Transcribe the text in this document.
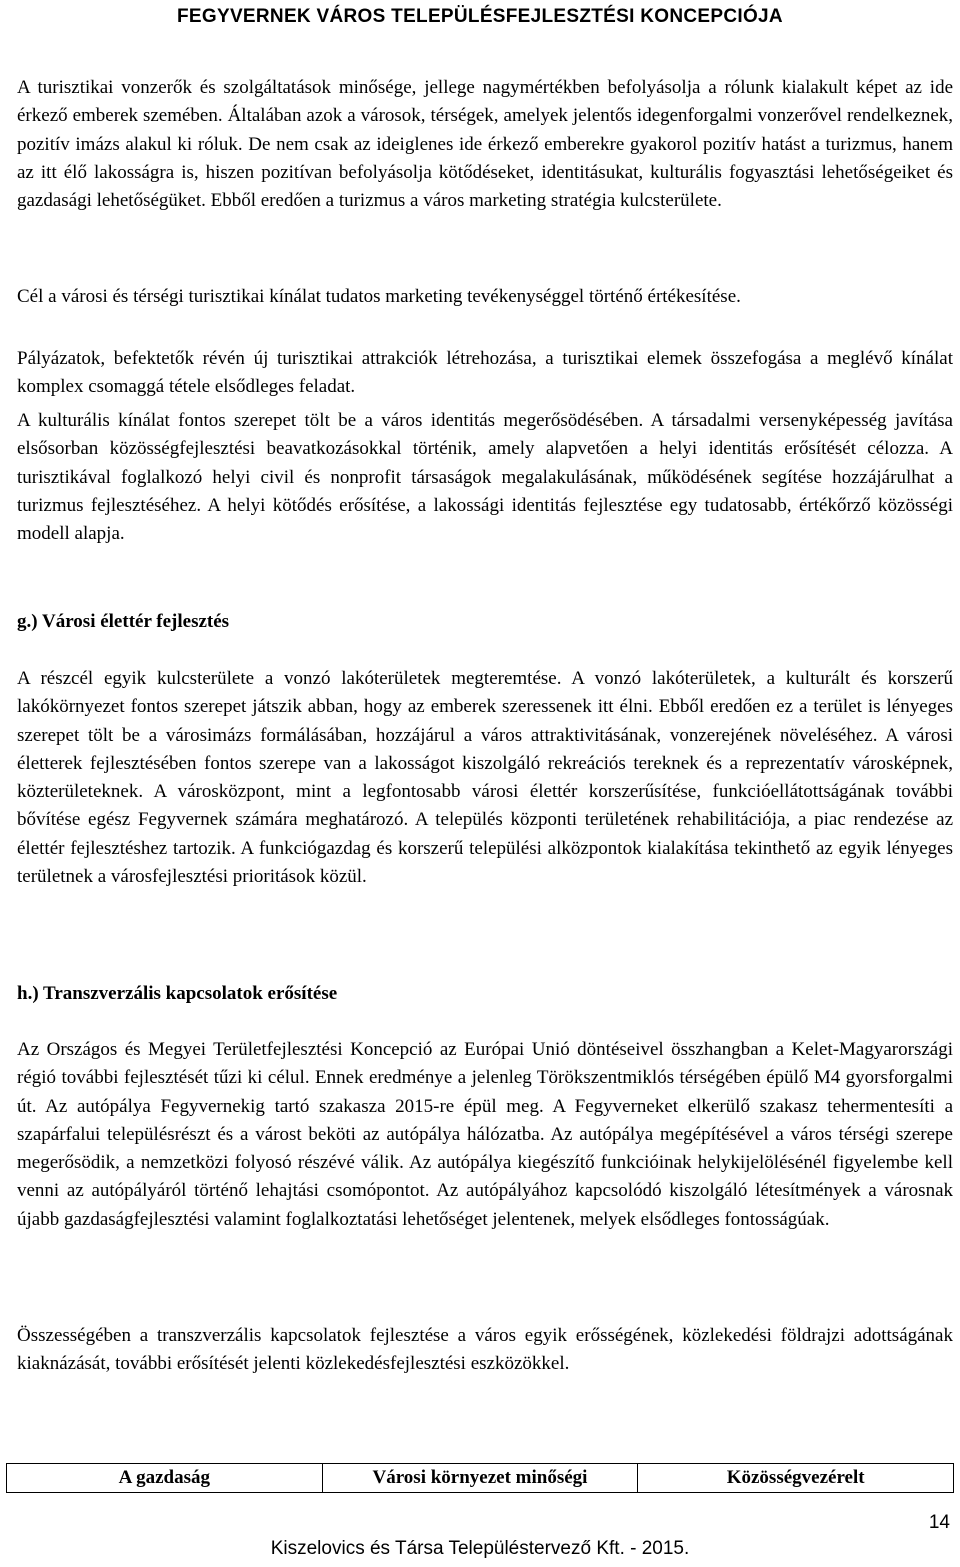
FEGYVERNEK VÁROS TELEPÜLÉSFEJLESZTÉSI KONCEPCIÓJA

A turisztikai vonzerők és szolgáltatások minősége, jellege nagymértékben befolyásolja a rólunk kialakult képet az ide érkező emberek szemében. Általában azok a városok, térségek, amelyek jelentős idegenforgalmi vonzerővel rendelkeznek, pozitív imázs alakul ki róluk. De nem csak az ideiglenes ide érkező emberekre gyakorol pozitív hatást a turizmus, hanem az itt élő lakosságra is, hiszen pozitívan befolyásolja kötődéseket, identitásukat, kulturális fogyasztási lehetőségeiket és gazdasági lehetőségüket. Ebből eredően a turizmus a város marketing stratégia kulcsterülete.

Cél a városi és térségi turisztikai kínálat tudatos marketing tevékenységgel történő értékesítése.

Pályázatok, befektetők révén új turisztikai attrakciók létrehozása, a turisztikai elemek összefogása a meglévő kínálat komplex csomaggá tétele elsődleges feladat.

A kulturális kínálat fontos szerepet tölt be a város identitás megerősödésében. A társadalmi versenyképesség javítása elsősorban közösségfejlesztési beavatkozásokkal történik, amely alapvetően a helyi identitás erősítését célozza. A turisztikával foglalkozó helyi civil és nonprofit társaságok megalakulásának, működésének segítése hozzájárulhat a turizmus fejlesztéséhez. A helyi kötődés erősítése, a lakossági identitás fejlesztése egy tudatosabb, értékőrző közösségi modell alapja.

g.) Városi élettér fejlesztés

A részcél egyik kulcsterülete a vonzó lakóterületek megteremtése. A vonzó lakóterületek, a kulturált és korszerű lakókörnyezet fontos szerepet játszik abban, hogy az emberek szeressenek itt élni. Ebből eredően ez a terület is lényeges szerepet tölt be a városimázs formálásában, hozzájárul a város attraktivitásának, vonzerejének növeléséhez. A városi életterek fejlesztésében fontos szerepe van a lakosságot kiszolgáló rekreációs tereknek és a reprezentatív városképnek, közterületeknek. A városközpont, mint a legfontosabb városi élettér korszerűsítése, funkcióellátottságának további bővítése egész Fegyvernek számára meghatározó. A település központi területének rehabilitációja, a piac rendezése az élettér fejlesztéshez tartozik. A funkciógazdag és korszerű települési alközpontok kialakítása tekinthető az egyik lényeges területnek a városfejlesztési prioritások közül.

h.) Transzverzális kapcsolatok erősítése

Az Országos és Megyei Területfejlesztési Koncepció az Európai Unió döntéseivel összhangban a Kelet-Magyarországi régió további fejlesztését tűzi ki célul. Ennek eredménye a jelenleg Törökszentmiklós térségében épülő M4 gyorsforgalmi út. Az autópálya Fegyvernekig tartó szakasza 2015-re épül meg. A Fegyverneket elkerülő szakasz tehermentesíti a szapárfalui településrészt és a várost beköti az autópálya hálózatba. Az autópálya megépítésével a város térségi szerepe megerősödik, a nemzetközi folyosó részévé válik. Az autópálya kiegészítő funkcióinak helykijelölésénél figyelembe kell venni az autópályáról történő lehajtási csomópontot. Az autópályához kapcsolódó kiszolgáló létesítmények a városnak újabb gazdaságfejlesztési valamint foglalkoztatási lehetőséget jelentenek, melyek elsődleges fontosságúak.

Összességében a transzverzális kapcsolatok fejlesztése a város egyik erősségének, közlekedési földrajzi adottságának kiaknázását, további erősítését jelenti közlekedésfejlesztési eszközökkel.

A gazdaság	Városi környezet minőségi	Közösségvezérelt
14
Kiszelovics és Társa Településtervező Kft. - 2015.
